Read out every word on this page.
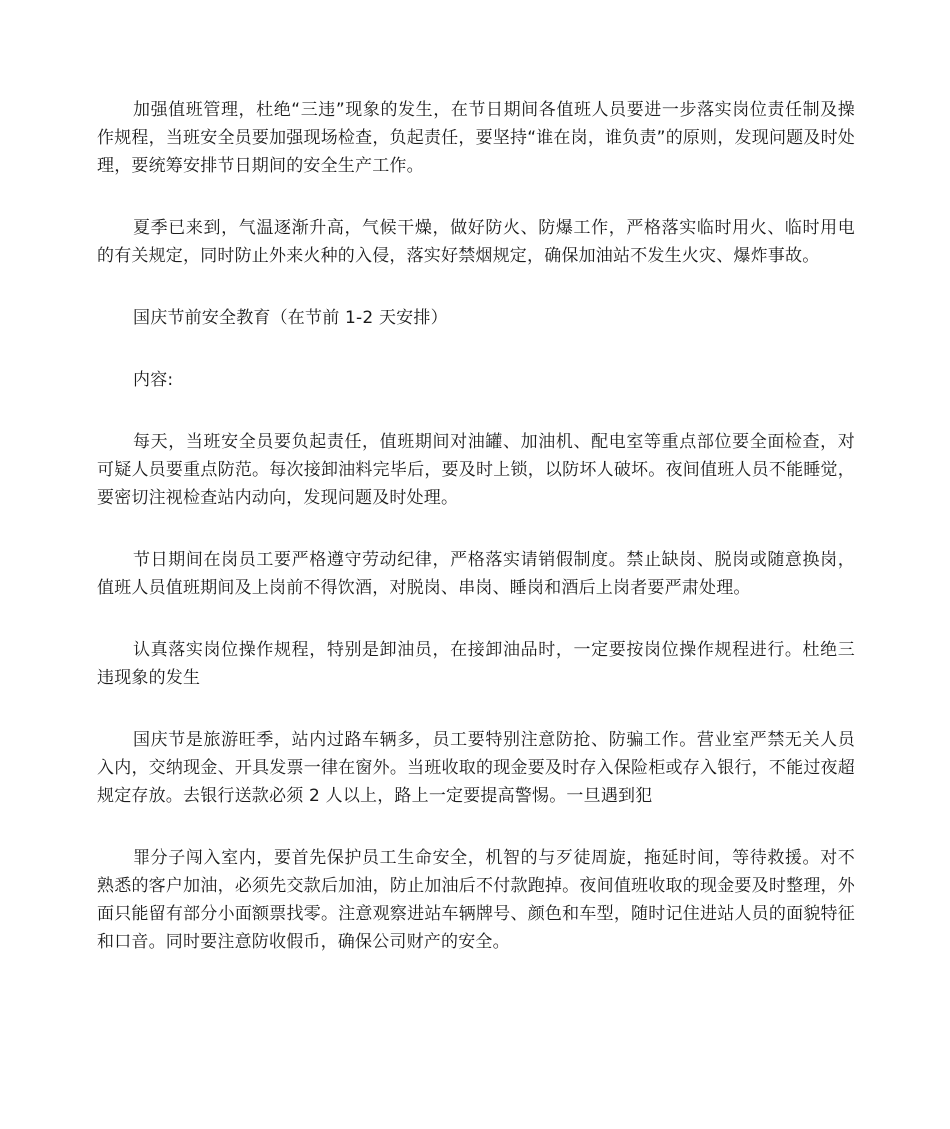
加强值班管理，杜绝“三违”现象的发生，在节日期间各值班人员要进一步落实岗位责任制及操作规程，当班安全员要加强现场检查，负起责任，要坚持“谁在岗，谁负责”的原则，发现问题及时处理，要统筹安排节日期间的安全生产工作。

夏季已来到，气温逐渐升高，气候干燥，做好防火、防爆工作，严格落实临时用火、临时用电的有关规定，同时防止外来火种的入侵，落实好禁烟规定，确保加油站不发生火灾、爆炸事故。

国庆节前安全教育（在节前 1-2 天安排）

内容:

每天，当班安全员要负起责任，值班期间对油罐、加油机、配电室等重点部位要全面检查，对可疑人员要重点防范。每次接卸油料完毕后，要及时上锁，以防坏人破坏。夜间值班人员不能睡觉，要密切注视检查站内动向，发现问题及时处理。

节日期间在岗员工要严格遵守劳动纪律，严格落实请销假制度。禁止缺岗、脱岗或随意换岗，值班人员值班期间及上岗前不得饮酒，对脱岗、串岗、睡岗和酒后上岗者要严肃处理。

认真落实岗位操作规程，特别是卸油员，在接卸油品时，一定要按岗位操作规程进行。杜绝三违现象的发生

国庆节是旅游旺季，站内过路车辆多，员工要特别注意防抢、防骗工作。营业室严禁无关人员入内，交纳现金、开具发票一律在窗外。当班收取的现金要及时存入保险柜或存入银行，不能过夜超规定存放。去银行送款必须 2 人以上，路上一定要提高警惕。一旦遇到犯

罪分子闯入室内，要首先保护员工生命安全，机智的与歹徒周旋，拖延时间，等待救援。对不熟悉的客户加油，必须先交款后加油，防止加油后不付款跑掉。夜间值班收取的现金要及时整理，外面只能留有部分小面额票找零。注意观察进站车辆牌号、颜色和车型，随时记住进站人员的面貌特征和口音。同时要注意防收假币，确保公司财产的安全。
